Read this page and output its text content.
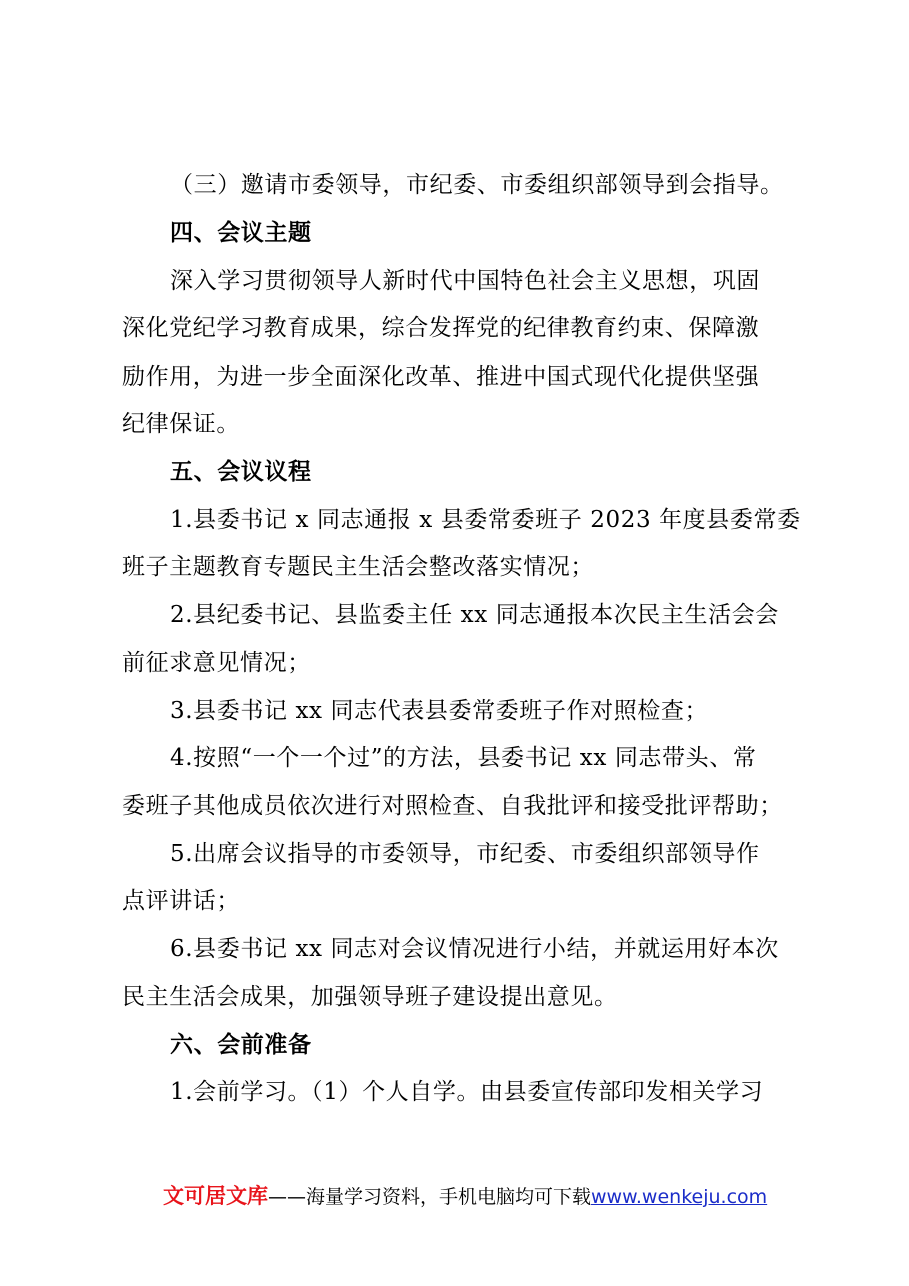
（三）邀请市委领导，市纪委、市委组织部领导到会指导。
四、会议主题
深入学习贯彻领导人新时代中国特色社会主义思想，巩固
深化党纪学习教育成果，综合发挥党的纪律教育约束、保障激
励作用，为进一步全面深化改革、推进中国式现代化提供坚强
纪律保证。
五、会议议程
1.县委书记 x 同志通报 x 县委常委班子 2023 年度县委常委
班子主题教育专题民主生活会整改落实情况；
2.县纪委书记、县监委主任 xx 同志通报本次民主生活会会
前征求意见情况；
3.县委书记 xx 同志代表县委常委班子作对照检查；
4.按照“一个一个过”的方法，县委书记 xx 同志带头、常
委班子其他成员依次进行对照检查、自我批评和接受批评帮助；
5.出席会议指导的市委领导，市纪委、市委组织部领导作
点评讲话；
6.县委书记 xx 同志对会议情况进行小结，并就运用好本次
民主生活会成果，加强领导班子建设提出意见。
六、会前准备
1.会前学习。（1）个人自学。由县委宣传部印发相关学习
文可居文库——海量学习资料，手机电脑均可下载www.wenkeju.com
